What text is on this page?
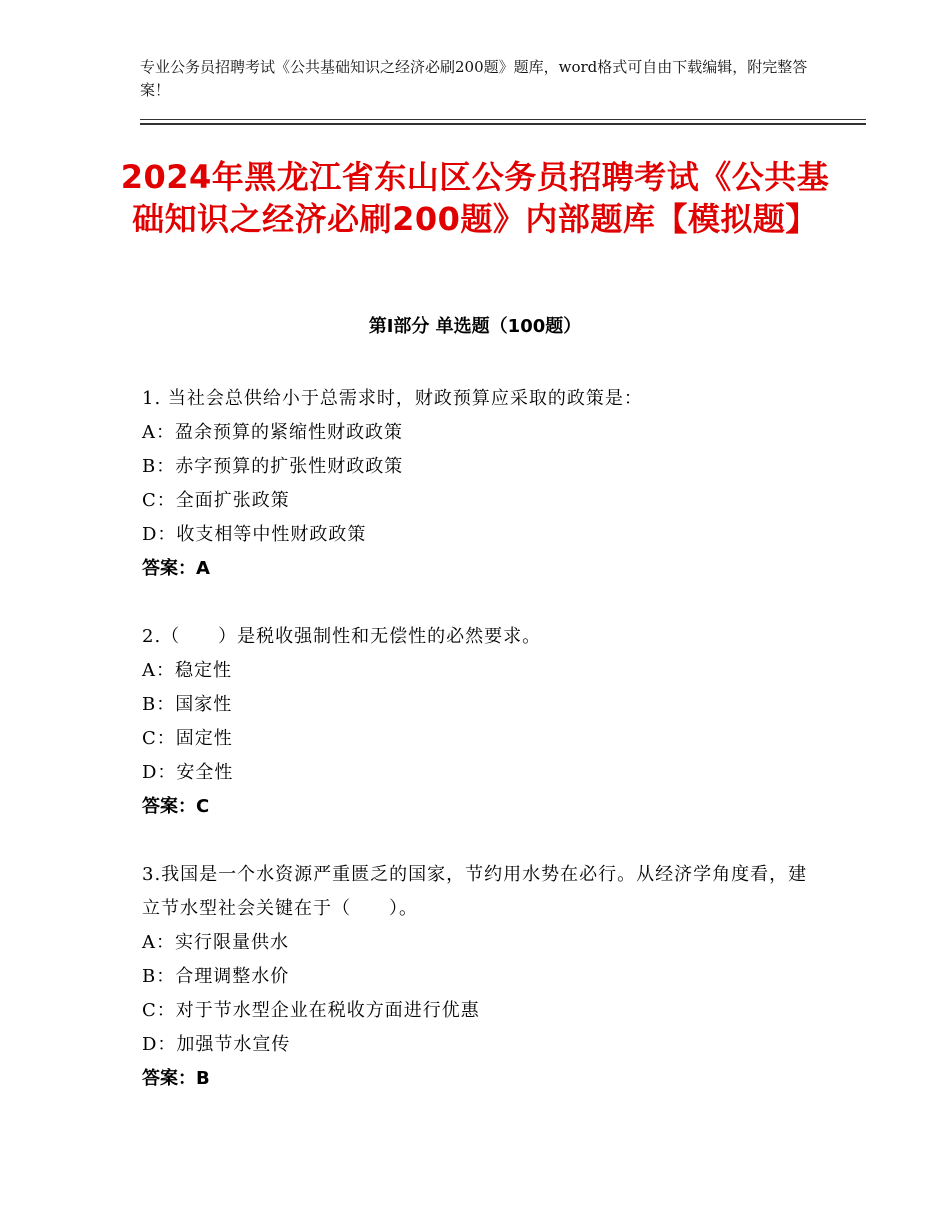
专业公务员招聘考试《公共基础知识之经济必刷200题》题库，word格式可自由下载编辑，附完整答案！
2024年黑龙江省东山区公务员招聘考试《公共基础知识之经济必刷200题》内部题库【模拟题】
第Ⅰ部分 单选题（100题）
1. 当社会总供给小于总需求时，财政预算应采取的政策是：
A：盈余预算的紧缩性财政政策
B：赤字预算的扩张性财政政策
C：全面扩张政策
D：收支相等中性财政政策
答案：A
2.（　　）是税收强制性和无偿性的必然要求。
A：稳定性
B：国家性
C：固定性
D：安全性
答案：C
3.我国是一个水资源严重匮乏的国家，节约用水势在必行。从经济学角度看，建立节水型社会关键在于（　　）。
A：实行限量供水
B：合理调整水价
C：对于节水型企业在税收方面进行优惠
D：加强节水宣传
答案：B
